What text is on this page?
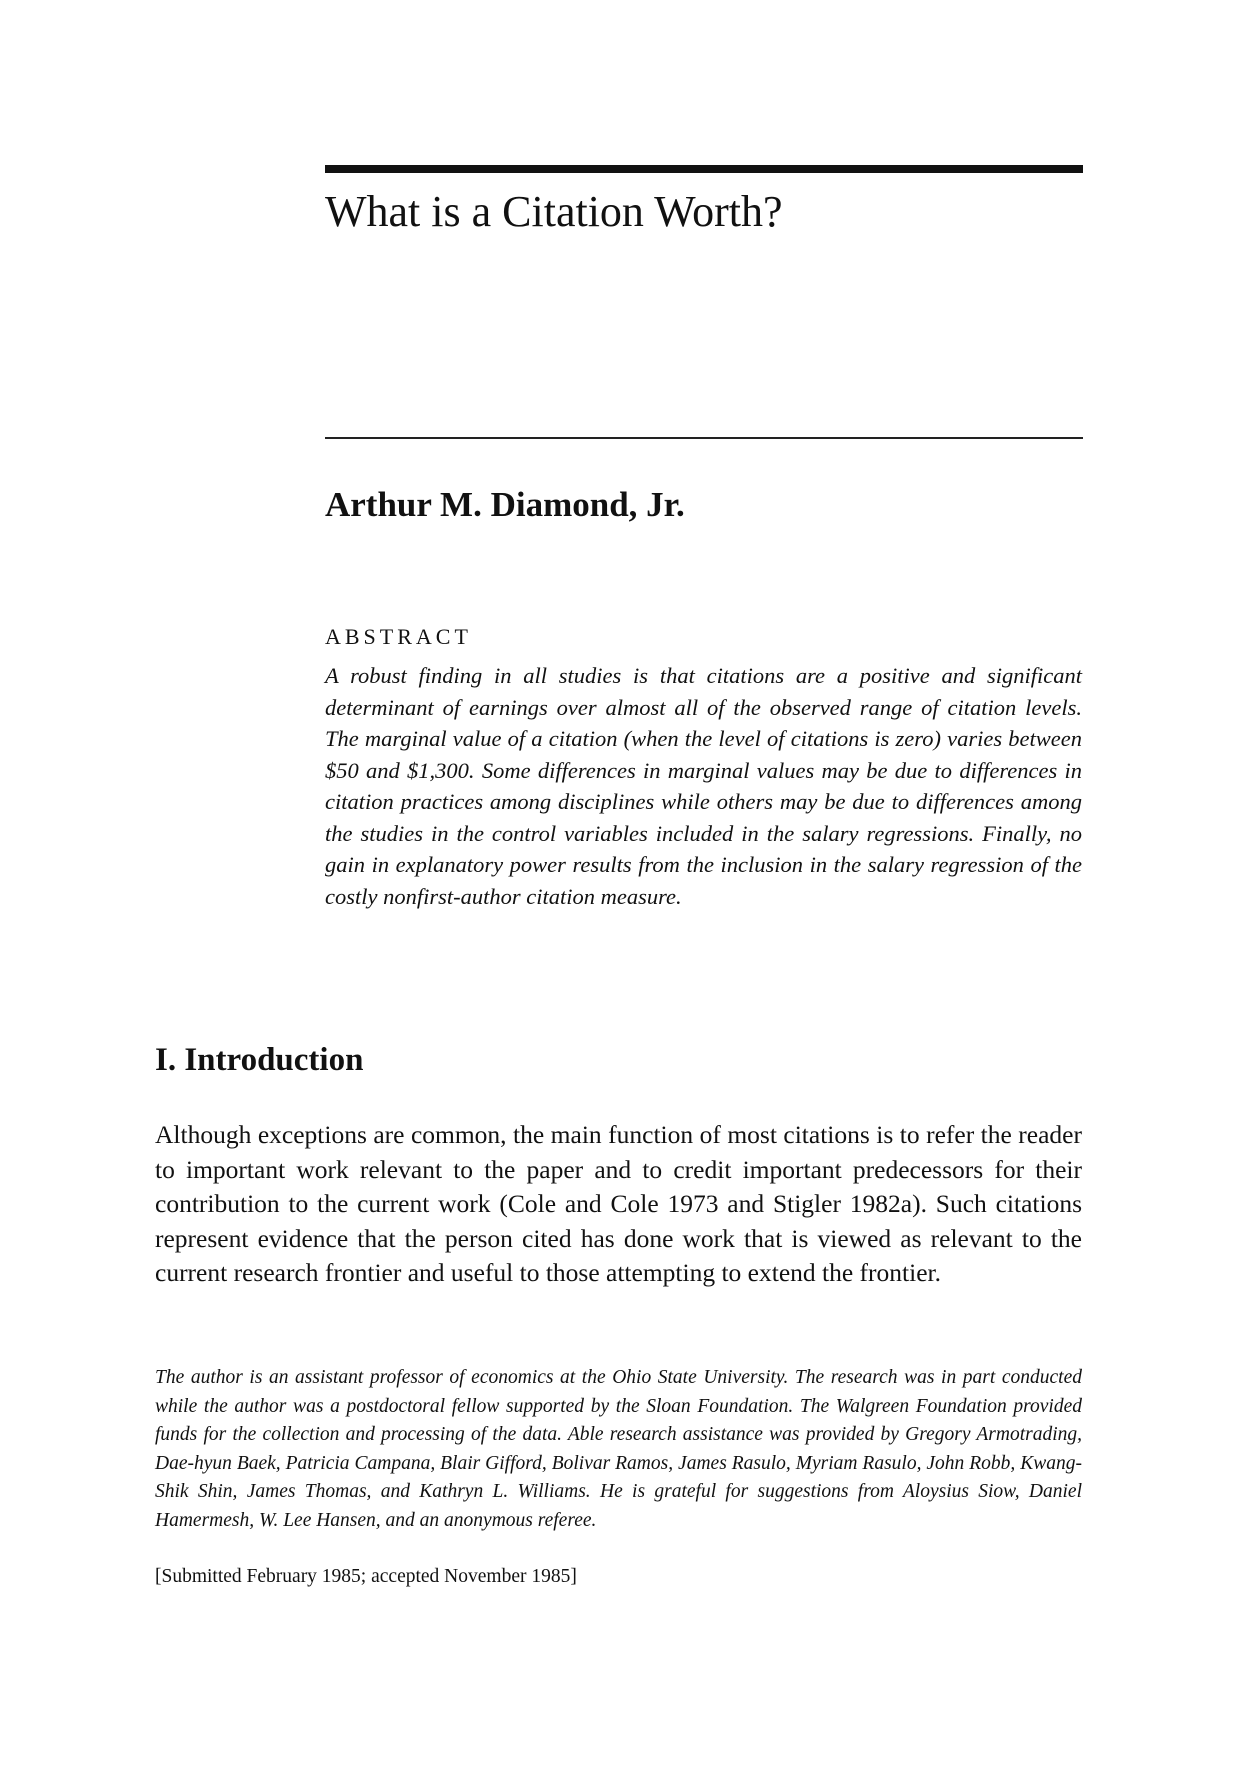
What is a Citation Worth?
Arthur M. Diamond, Jr.
ABSTRACT

A robust finding in all studies is that citations are a positive and significant determinant of earnings over almost all of the observed range of citation levels. The marginal value of a citation (when the level of citations is zero) varies between $50 and $1,300. Some differences in marginal values may be due to differences in citation practices among disciplines while others may be due to differences among the studies in the control variables included in the salary regressions. Finally, no gain in explanatory power results from the inclusion in the salary regression of the costly nonfirst-author citation measure.

I. Introduction

Although exceptions are common, the main function of most citations is to refer the reader to important work relevant to the paper and to credit important predecessors for their contribution to the current work (Cole and Cole 1973 and Stigler 1982a). Such citations represent evidence that the person cited has done work that is viewed as relevant to the current research frontier and useful to those attempting to extend the frontier.

The author is an assistant professor of economics at the Ohio State University. The research was in part conducted while the author was a postdoctoral fellow supported by the Sloan Foundation. The Walgreen Foundation provided funds for the collection and processing of the data. Able research assistance was provided by Gregory Armotrading, Dae-hyun Baek, Patricia Campana, Blair Gifford, Bolivar Ramos, James Rasulo, Myriam Rasulo, John Robb, Kwang-Shik Shin, James Thomas, and Kathryn L. Williams. He is grateful for suggestions from Aloysius Siow, Daniel Hamermesh, W. Lee Hansen, and an anonymous referee.

[Submitted February 1985; accepted November 1985]
